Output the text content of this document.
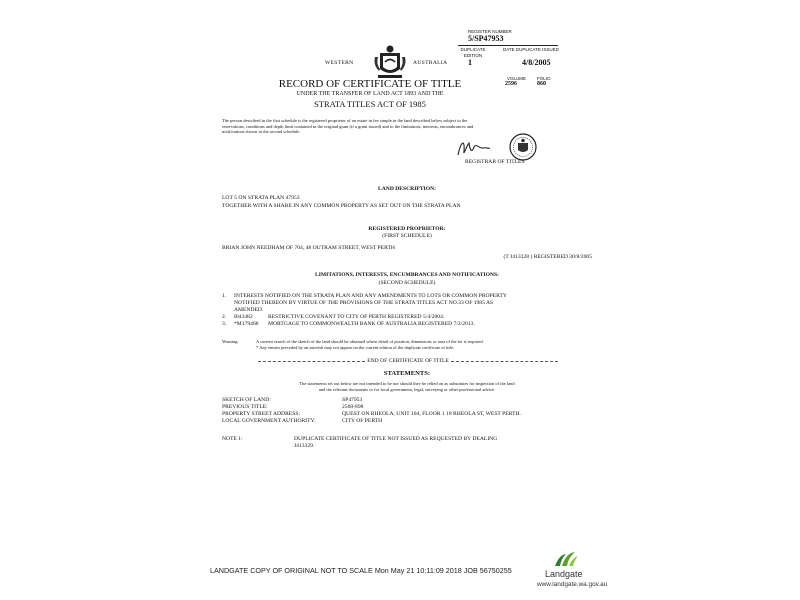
REGISTER NUMBER
5/SP47953
DUPLICATE EDITION
DATE DUPLICATE ISSUED
1	4/8/2005
VOLUME FOLIO
2596	860
WESTERN	AUSTRALIA
RECORD OF CERTIFICATE OF TITLE
UNDER THE TRANSFER OF LAND ACT 1893 AND THE
STRATA TITLES ACT OF 1985
The person described in the first schedule is the registered proprietor of an estate in fee simple in the land described below subject to the
reservations, conditions and depth limit contained in the original grant (if a grant issued) and to the limitations, interests, encumbrances and
notifications shown in the second schedule.
REGISTRAR OF TITLES
LAND DESCRIPTION:
LOT 5 ON STRATA PLAN 47953
TOGETHER WITH A SHARE IN ANY COMMON PROPERTY AS SET OUT ON THE STRATA PLAN
REGISTERED PROPRIETOR:
(FIRST SCHEDULE)
BRIAN JOHN NEEDHAM OF 704, 48 OUTRAM STREET, WEST PERTH
(T J413328 ) REGISTERED 30/8/2005
LIMITATIONS, INTERESTS, ENCUMBRANCES AND NOTIFICATIONS:
(SECOND SCHEDULE)
1.	INTERESTS NOTIFIED ON THE STRATA PLAN AND ANY AMENDMENTS TO LOTS OR COMMON PROPERTY
NOTIFIED THEREON BY VIRTUE OF THE PROVISIONS OF THE STRATA TITLES ACT NO.33 OF 1985 AS
AMENDED.
2.	I043482	RESTRICTIVE COVENANT TO CITY OF PERTH REGISTERED 5/4/2004.
3.	*M179468	MORTGAGE TO COMMONWEALTH BANK OF AUSTRALIA REGISTERED 7/2/2013.
Warning:	A current search of the sketch of the land should be obtained where detail of position, dimensions or area of the lot is required.
* Any entries preceded by an asterisk may not appear on the current edition of the duplicate certificate of title.
END OF CERTIFICATE OF TITLE
STATEMENTS:
The statements set out below are not intended to be nor should they be relied on as substitutes for inspection of the land
and the relevant documents or for local government, legal, surveying or other professional advice.
SKETCH OF LAND:	SP47953
PREVIOUS TITLE:	2560-898
PROPERTY STREET ADDRESS:	QUEST ON RHEOLA, UNIT 104, FLOOR 1 18 RHEOLA ST, WEST PERTH.
LOCAL GOVERNMENT AUTHORITY:	CITY OF PERTH
NOTE 1:	DUPLICATE CERTIFICATE OF TITLE NOT ISSUED AS REQUESTED BY DEALING
J413329.
LANDGATE COPY OF ORIGINAL NOT TO SCALE Mon May 21 10:11:09 2018 JOB 56750255	Landgate
www.landgate.wa.gov.au
